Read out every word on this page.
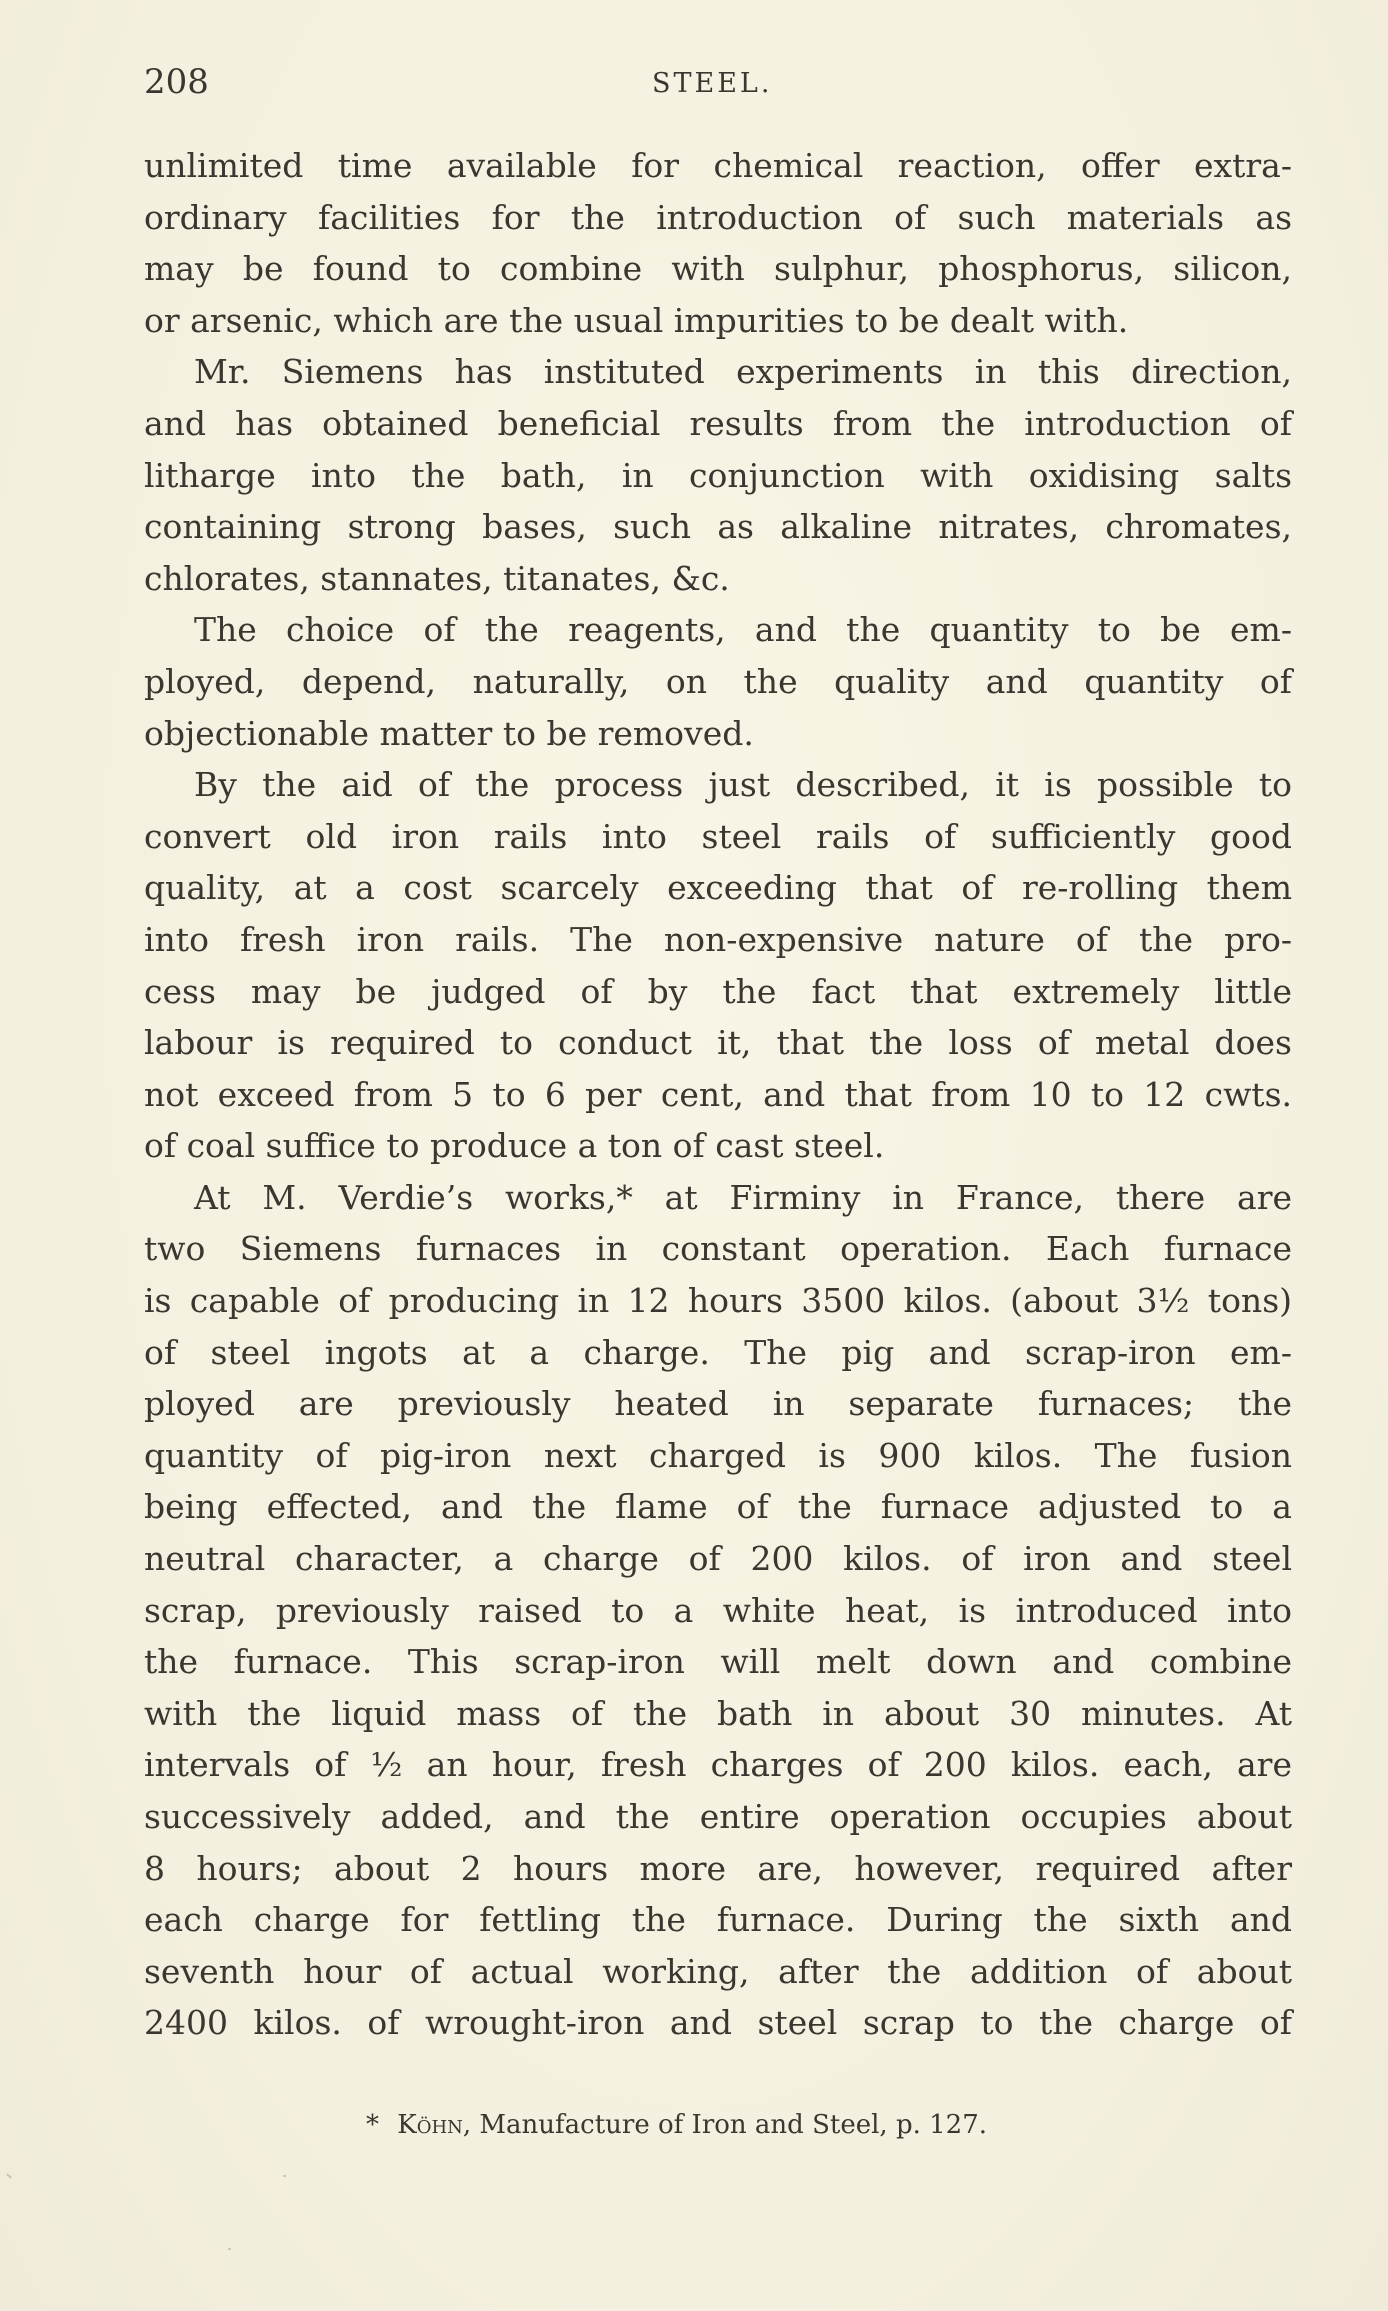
208	STEEL.
unlimited time available for chemical reaction, offer extra-
ordinary facilities for the introduction of such materials as
may be found to combine with sulphur, phosphorus, silicon,
or arsenic, which are the usual impurities to be dealt with.
Mr. Siemens has instituted experiments in this direction,
and has obtained beneficial results from the introduction of
litharge into the bath, in conjunction with oxidising salts
containing strong bases, such as alkaline nitrates, chromates,
chlorates, stannates, titanates, &c.
The choice of the reagents, and the quantity to be em-
ployed, depend, naturally, on the quality and quantity of
objectionable matter to be removed.
By the aid of the process just described, it is possible to
convert old iron rails into steel rails of sufficiently good
quality, at a cost scarcely exceeding that of re-rolling them
into fresh iron rails. The non-expensive nature of the pro-
cess may be judged of by the fact that extremely little
labour is required to conduct it, that the loss of metal does
not exceed from 5 to 6 per cent, and that from 10 to 12 cwts.
of coal suffice to produce a ton of cast steel.
At M. Verdie’s works,* at Firminy in France, there are
two Siemens furnaces in constant operation. Each furnace
is capable of producing in 12 hours 3500 kilos. (about 3½ tons)
of steel ingots at a charge. The pig and scrap-iron em-
ployed are previously heated in separate furnaces; the
quantity of pig-iron next charged is 900 kilos. The fusion
being effected, and the flame of the furnace adjusted to a
neutral character, a charge of 200 kilos. of iron and steel
scrap, previously raised to a white heat, is introduced into
the furnace. This scrap-iron will melt down and combine
with the liquid mass of the bath in about 30 minutes. At
intervals of ½ an hour, fresh charges of 200 kilos. each, are
successively added, and the entire operation occupies about
8 hours; about 2 hours more are, however, required after
each charge for fettling the furnace. During the sixth and
seventh hour of actual working, after the addition of about
2400 kilos. of wrought-iron and steel scrap to the charge of
* Köhn, Manufacture of Iron and Steel, p. 127.
